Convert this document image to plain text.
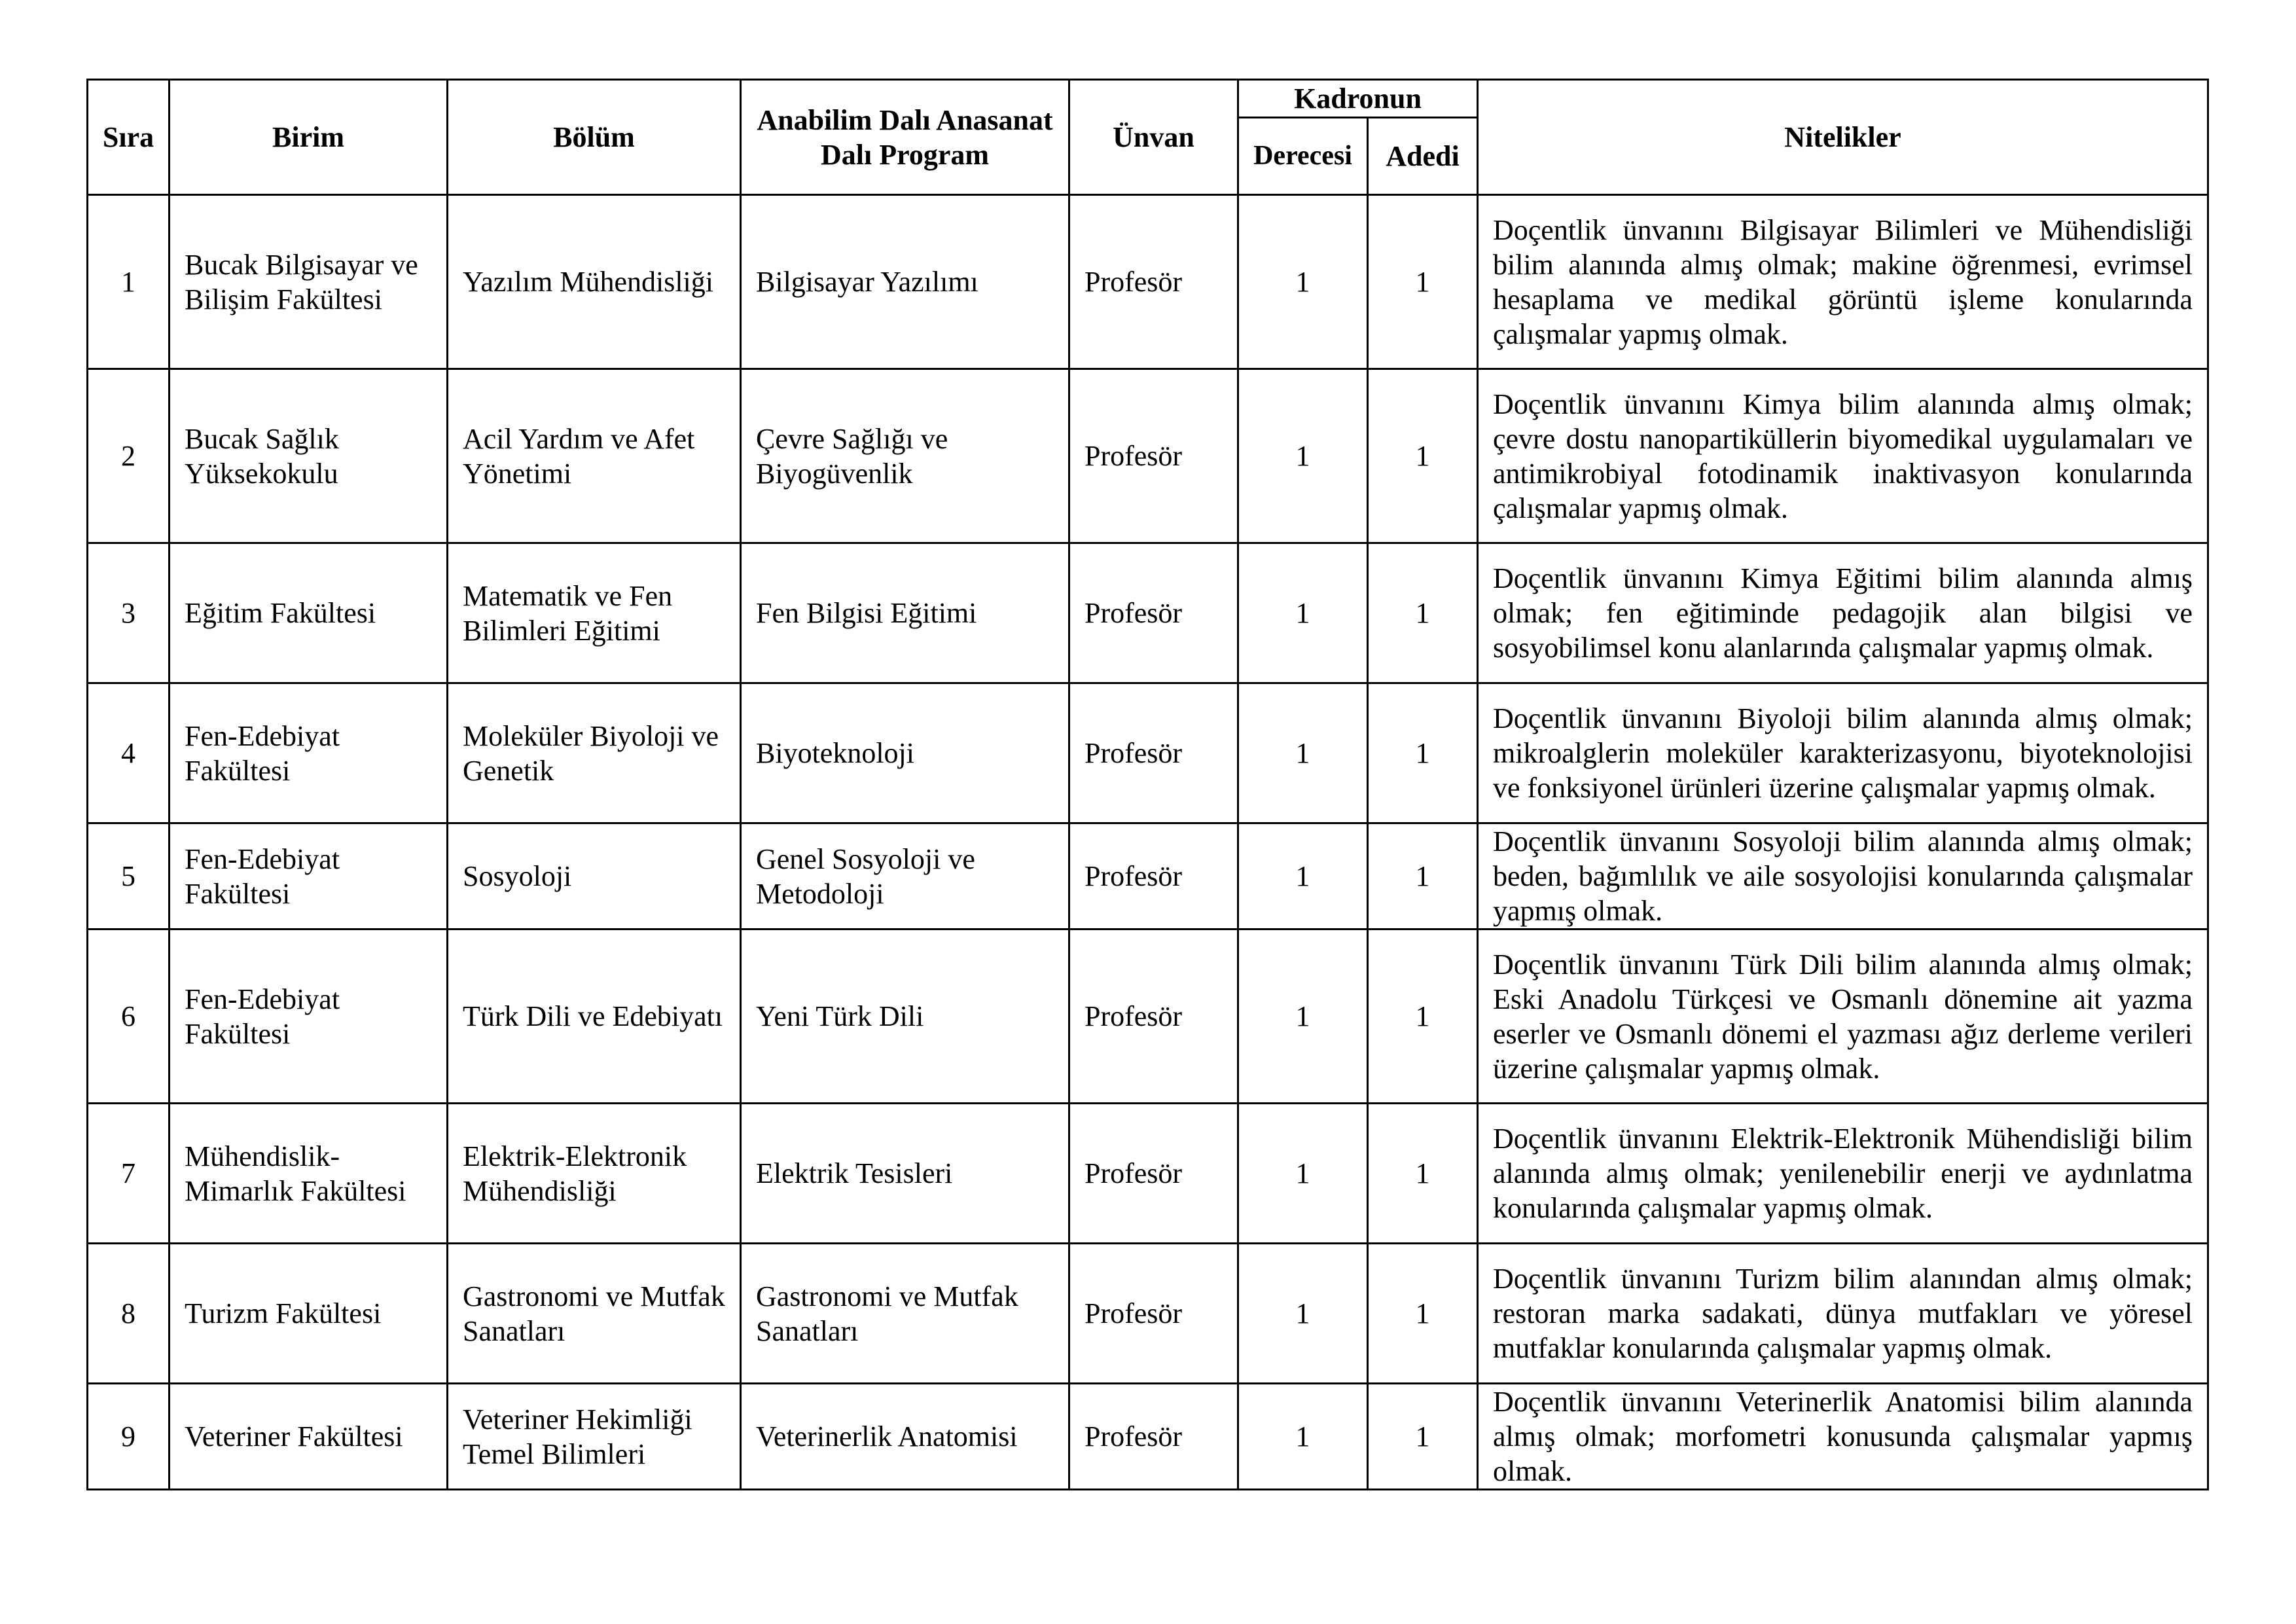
Sıra	Birim	Bölüm	Anabilim Dalı Anasanat Dalı Program	Ünvan	Kadronun		Nitelikler
					Derecesi	Adedi	
1	Bucak Bilgisayar ve Bilişim Fakültesi	Yazılım Mühendisliği	Bilgisayar Yazılımı	Profesör	1	1	Doçentlik ünvanını Bilgisayar Bilimleri ve Mühendisliği bilim alanında almış olmak; makine öğrenmesi, evrimsel hesaplama ve medikal görüntü işleme konularında çalışmalar yapmış olmak.
2	Bucak Sağlık Yüksekokulu	Acil Yardım ve Afet Yönetimi	Çevre Sağlığı ve Biyogüvenlik	Profesör	1	1	Doçentlik ünvanını Kimya bilim alanında almış olmak; çevre dostu nanopartiküllerin biyomedikal uygulamaları ve antimikrobiyal fotodinamik inaktivasyon konularında çalışmalar yapmış olmak.
3	Eğitim Fakültesi	Matematik ve Fen Bilimleri Eğitimi	Fen Bilgisi Eğitimi	Profesör	1	1	Doçentlik ünvanını Kimya Eğitimi bilim alanında almış olmak; fen eğitiminde pedagojik alan bilgisi ve sosyobilimsel konu alanlarında çalışmalar yapmış olmak.
4	Fen-Edebiyat Fakültesi	Moleküler Biyoloji ve Genetik	Biyoteknoloji	Profesör	1	1	Doçentlik ünvanını Biyoloji bilim alanında almış olmak; mikroalglerin moleküler karakterizasyonu, biyoteknolojisi ve fonksiyonel ürünleri üzerine çalışmalar yapmış olmak.
5	Fen-Edebiyat Fakültesi	Sosyoloji	Genel Sosyoloji ve Metodoloji	Profesör	1	1	Doçentlik ünvanını Sosyoloji bilim alanında almış olmak; beden, bağımlılık ve aile sosyolojisi konularında çalışmalar yapmış olmak.
6	Fen-Edebiyat Fakültesi	Türk Dili ve Edebiyatı	Yeni Türk Dili	Profesör	1	1	Doçentlik ünvanını Türk Dili bilim alanında almış olmak; Eski Anadolu Türkçesi ve Osmanlı dönemine ait yazma eserler ve Osmanlı dönemi el yazması ağız derleme verileri üzerine çalışmalar yapmış olmak.
7	Mühendislik-Mimarlık Fakültesi	Elektrik-Elektronik Mühendisliği	Elektrik Tesisleri	Profesör	1	1	Doçentlik ünvanını Elektrik-Elektronik Mühendisliği bilim alanında almış olmak; yenilenebilir enerji ve aydınlatma konularında çalışmalar yapmış olmak.
8	Turizm Fakültesi	Gastronomi ve Mutfak Sanatları	Gastronomi ve Mutfak Sanatları	Profesör	1	1	Doçentlik ünvanını Turizm bilim alanından almış olmak; restoran marka sadakati, dünya mutfakları ve yöresel mutfaklar konularında çalışmalar yapmış olmak.
9	Veteriner Fakültesi	Veteriner Hekimliği Temel Bilimleri	Veterinerlik Anatomisi	Profesör	1	1	Doçentlik ünvanını Veterinerlik Anatomisi bilim alanında almış olmak; morfometri konusunda çalışmalar yapmış olmak.
